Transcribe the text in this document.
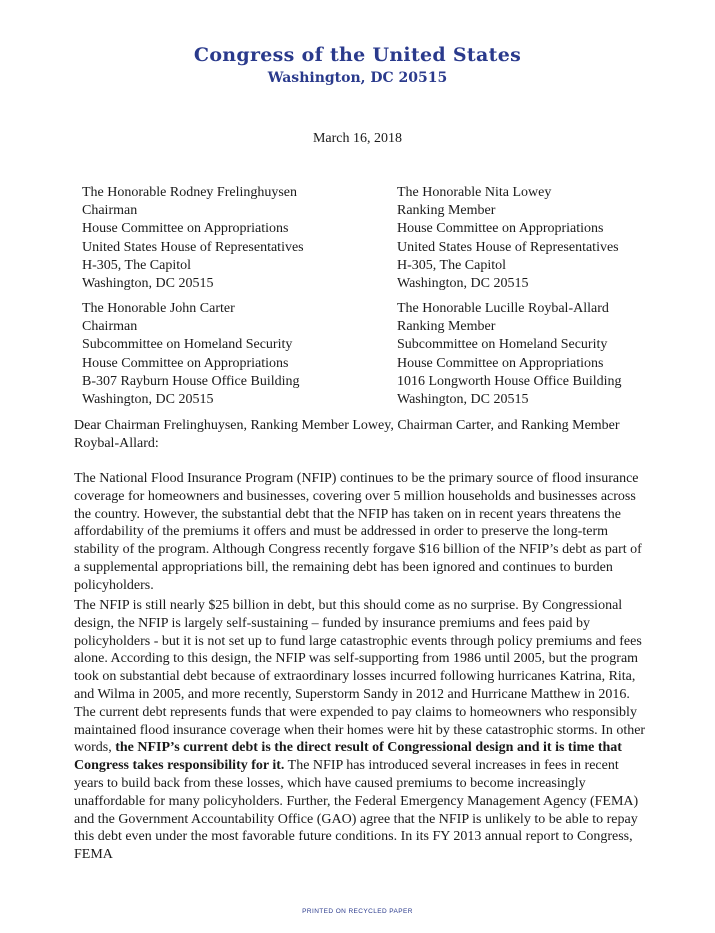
Congress of the United States
Washington, DC 20515
March 16, 2018
The Honorable Rodney Frelinghuysen
Chairman
House Committee on Appropriations
United States House of Representatives
H-305, The Capitol
Washington, DC 20515
The Honorable Nita Lowey
Ranking Member
House Committee on Appropriations
United States House of Representatives
H-305, The Capitol
Washington, DC 20515
The Honorable John Carter
Chairman
Subcommittee on Homeland Security
House Committee on Appropriations
B-307 Rayburn House Office Building
Washington, DC 20515
The Honorable Lucille Roybal-Allard
Ranking Member
Subcommittee on Homeland Security
House Committee on Appropriations
1016 Longworth House Office Building
Washington, DC 20515
Dear Chairman Frelinghuysen, Ranking Member Lowey, Chairman Carter, and Ranking Member Roybal-Allard:
The National Flood Insurance Program (NFIP) continues to be the primary source of flood insurance coverage for homeowners and businesses, covering over 5 million households and businesses across the country. However, the substantial debt that the NFIP has taken on in recent years threatens the affordability of the premiums it offers and must be addressed in order to preserve the long-term stability of the program. Although Congress recently forgave $16 billion of the NFIP’s debt as part of a supplemental appropriations bill, the remaining debt has been ignored and continues to burden policyholders.
The NFIP is still nearly $25 billion in debt, but this should come as no surprise. By Congressional design, the NFIP is largely self-sustaining – funded by insurance premiums and fees paid by policyholders - but it is not set up to fund large catastrophic events through policy premiums and fees alone. According to this design, the NFIP was self-supporting from 1986 until 2005, but the program took on substantial debt because of extraordinary losses incurred following hurricanes Katrina, Rita, and Wilma in 2005, and more recently, Superstorm Sandy in 2012 and Hurricane Matthew in 2016. The current debt represents funds that were expended to pay claims to homeowners who responsibly maintained flood insurance coverage when their homes were hit by these catastrophic storms. In other words, the NFIP’s current debt is the direct result of Congressional design and it is time that Congress takes responsibility for it. The NFIP has introduced several increases in fees in recent years to build back from these losses, which have caused premiums to become increasingly unaffordable for many policyholders. Further, the Federal Emergency Management Agency (FEMA) and the Government Accountability Office (GAO) agree that the NFIP is unlikely to be able to repay this debt even under the most favorable future conditions. In its FY 2013 annual report to Congress, FEMA
PRINTED ON RECYCLED PAPER
